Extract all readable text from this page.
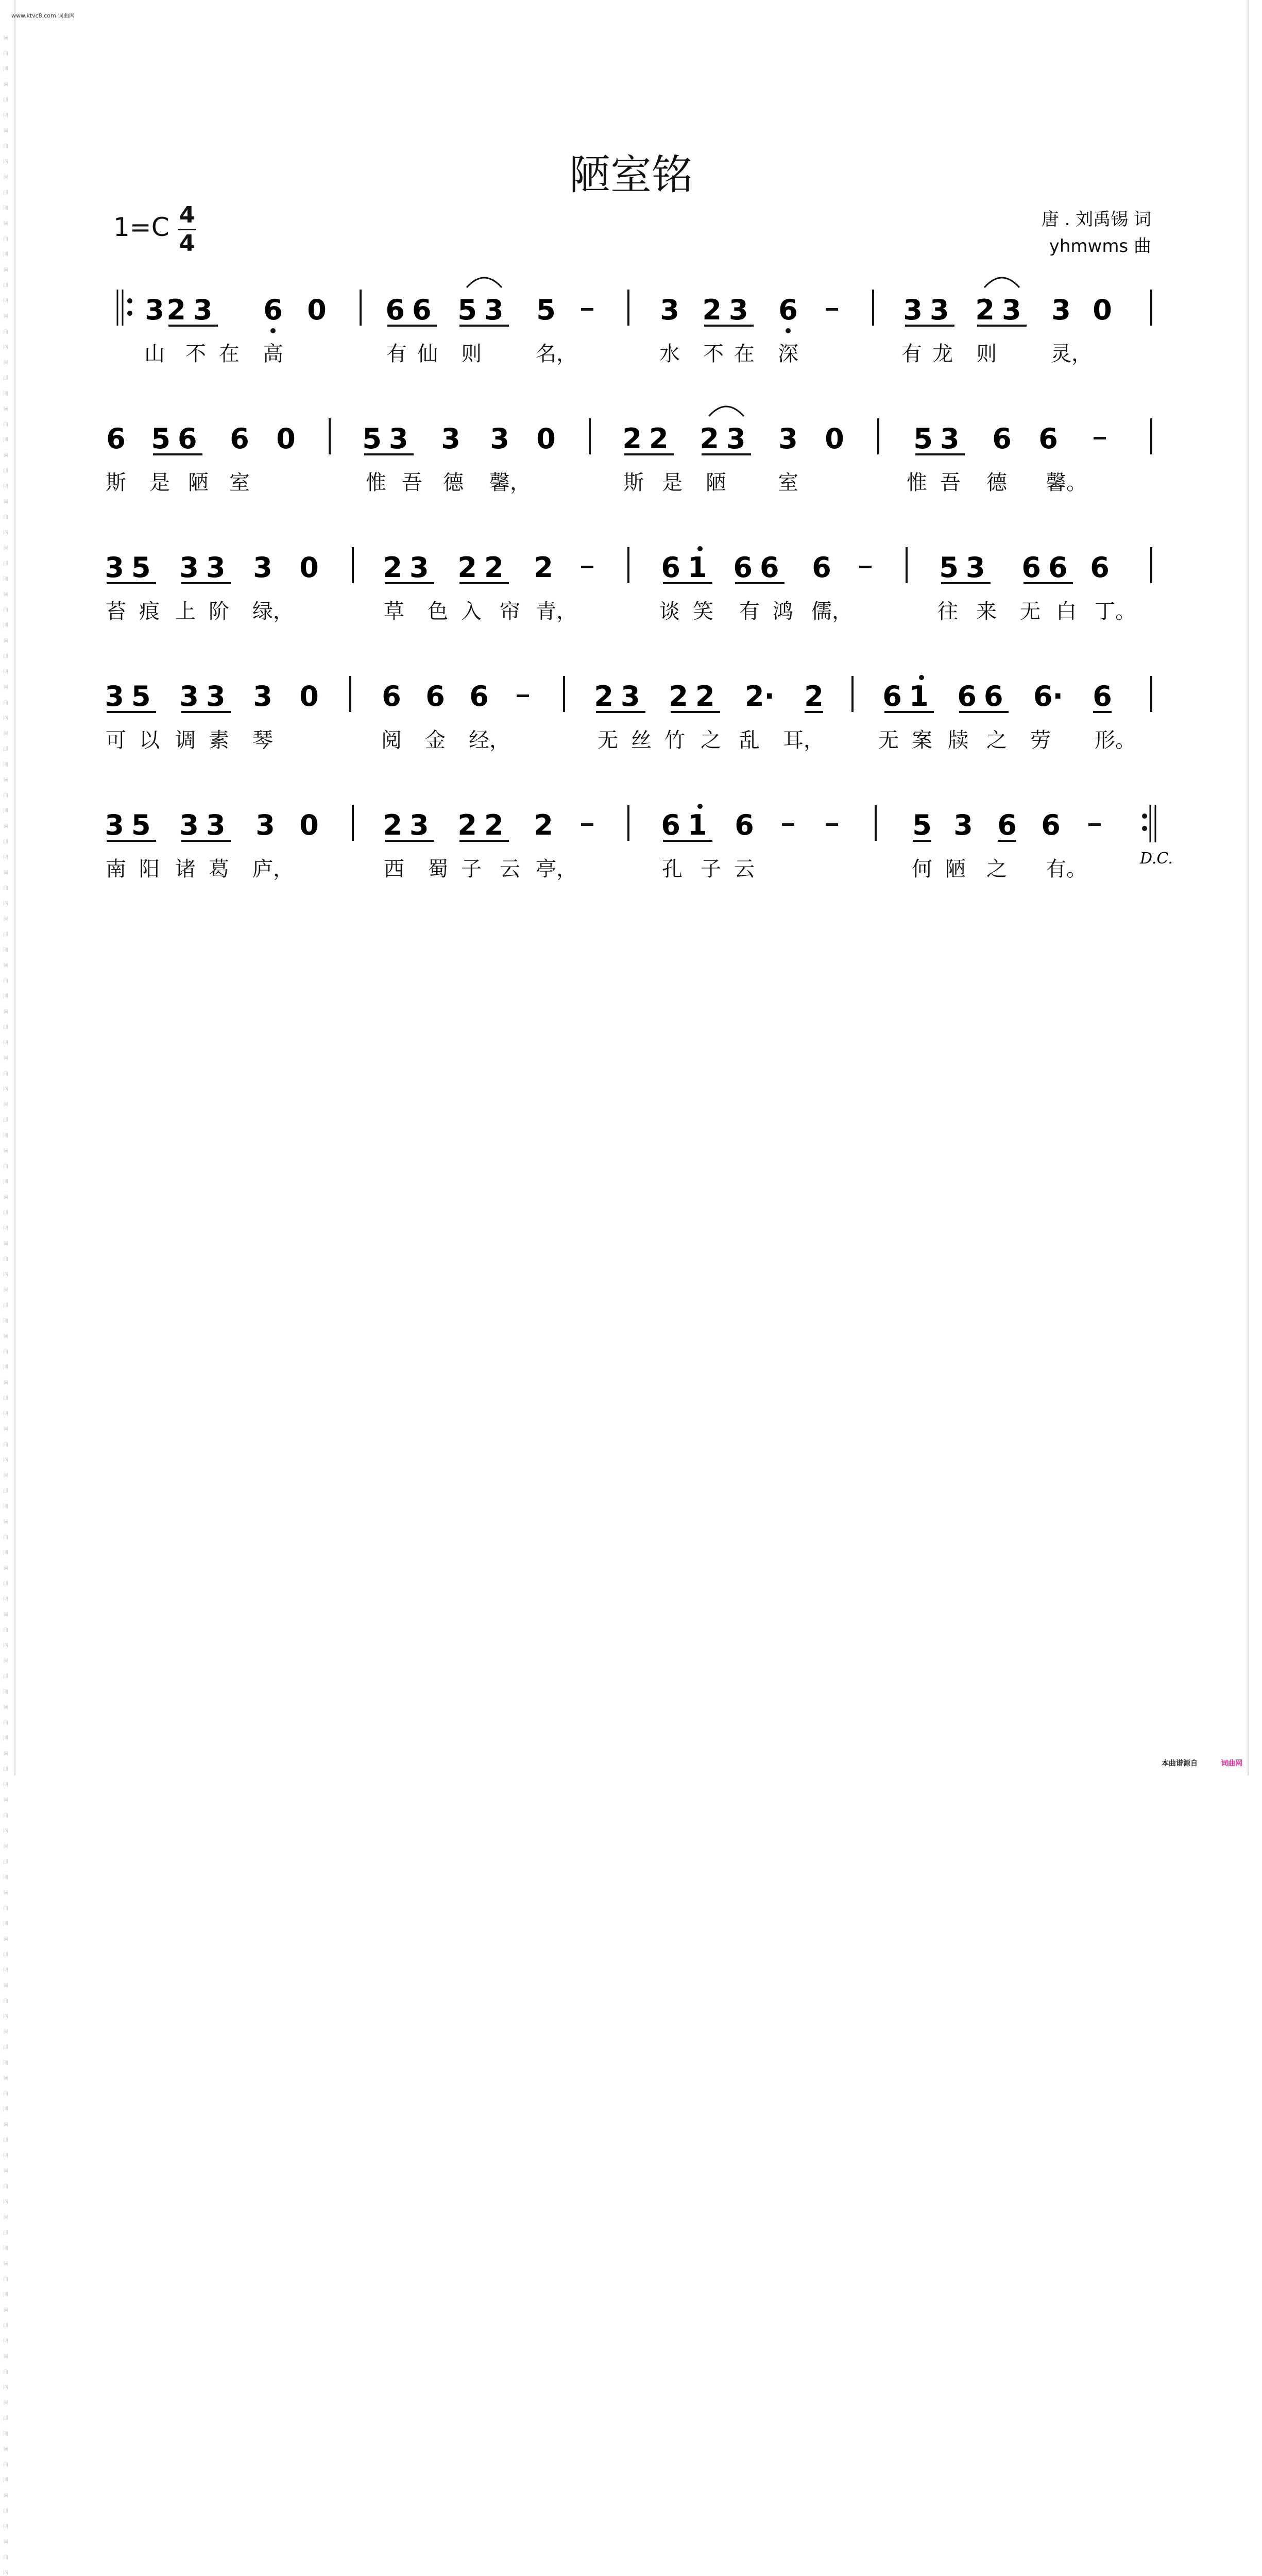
词曲网词曲网词曲网词曲网词曲网词曲网词曲网词曲网词曲网词曲网词曲网词曲网词曲网词曲网词曲网词曲网词曲网词曲网词曲网词曲网词曲网词曲网词曲网词曲网词曲网词曲网词曲网词曲网词曲网词曲网词曲网词曲网词曲网词曲网词曲网词曲网词曲网词曲网词曲网词曲网词曲网词曲网词曲网词曲网词曲网词曲网词曲网词曲网词曲网词曲网词曲网词曲网词曲网词曲网词曲网
www.ktvc8.com 词曲网
陋室铭
1=C 4
4
唐 . 刘禹锡 词
yhmwms 曲
3 23 6 0 66 53 5	3 23 6	33 23 3 0
6 56 6 0 53 3 3 0 22 23 3 0 53 6 6
35 33 3 0 23 22 2	61 66 6	53 66 6
35 33 3 0 6 6 6	23 22 2· 2 61 66 6· 6
35 33 3 0 23 22 2	61 6	5 3 6 6
D.C.
山 不 在 高	有 仙 则	名，	水 不 在 深	有 龙 则	灵，
斯 是 陋 室	惟 吾 德 馨，	斯 是 陋	室	惟 吾 德 馨。
苔 痕 上 阶 绿，	草 色 入 帘 青，	谈 笑 有 鸿 儒，	往 来 无 白 丁。
可 以 调 素 琴	阅 金 经，	无 丝 竹 之 乱 耳，	无 案 牍 之 劳 形。
南 阳 诸 葛 庐，	西 蜀 子 云 亭，	孔 子 云	何 陋 之 有。
本曲谱源自	词曲网
